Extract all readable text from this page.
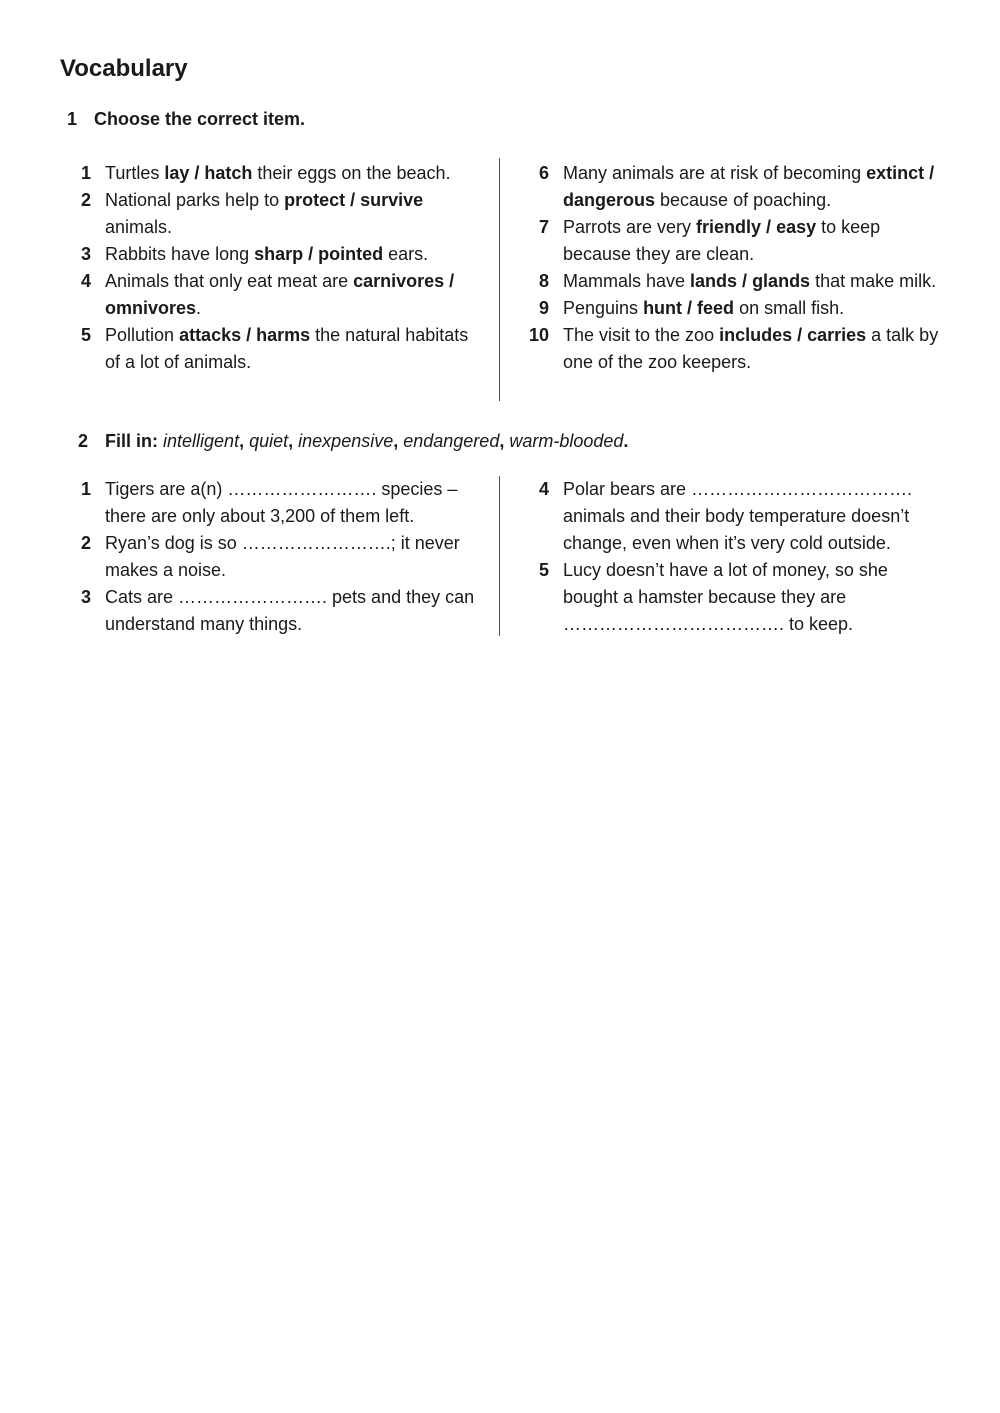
Vocabulary
1 Choose the correct item.

1 Turtles lay / hatch their eggs on the beach.

2 National parks help to protect / survive animals.

3 Rabbits have long sharp / pointed ears.

4 Animals that only eat meat are carnivores / omnivores.

5 Pollution attacks / harms the natural habitats of a lot of animals.

6 Many animals are at risk of becoming extinct / dangerous because of poaching.

7 Parrots are very friendly / easy to keep because they are clean.

8 Mammals have lands / glands that make milk.

9 Penguins hunt / feed on small fish.

10 The visit to the zoo includes / carries a talk by one of the zoo keepers.

2 Fill in: intelligent, quiet, inexpensive, endangered, warm-blooded.

1 Tigers are a(n) ……………………. species – there are only about 3,200 of them left.

2 Ryan’s dog is so …………………….; it never makes a noise.

3 Cats are ……………………. pets and they can understand many things.

4 Polar bears are ………………………………. animals and their body temperature doesn’t change, even when it’s very cold outside.

5 Lucy doesn’t have a lot of money, so she bought a hamster because they are ………………………………. to keep.
